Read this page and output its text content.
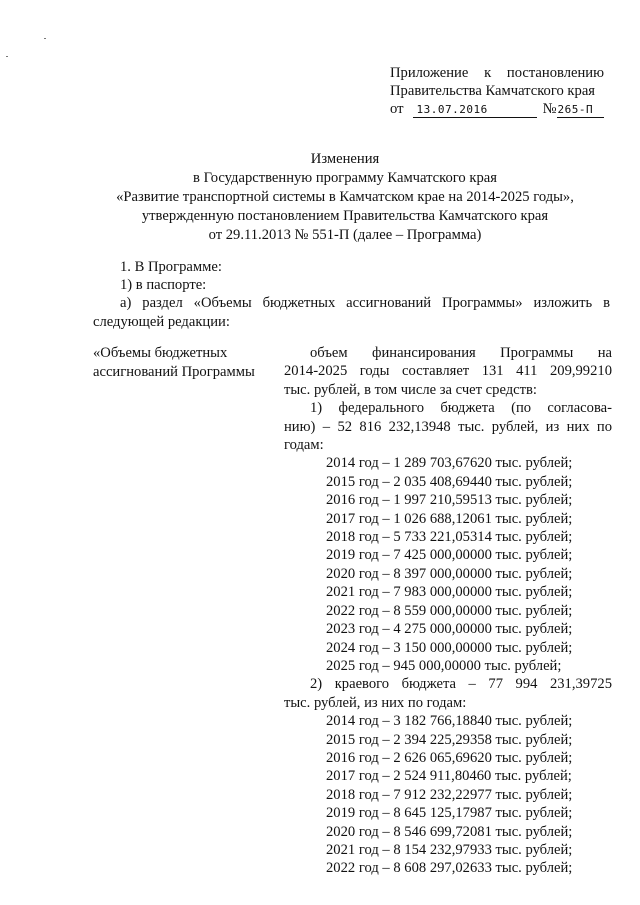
Приложение к постановлению
Правительства Камчатского края
от 13.07.2016	№ 265-П
Изменения
в Государственную программу Камчатского края
«Развитие транспортной системы в Камчатском крае на 2014-2025 годы»,
утвержденную постановлением Правительства Камчатского края
от 29.11.2013 № 551-П (далее – Программа)
1. В Программе:
1) в паспорте:
а) раздел «Объемы бюджетных ассигнований Программы» изложить в
следующей редакции:
«Объемы бюджетных
ассигнований Программы
объем финансирования Программы на
2014-2025 годы составляет 131 411 209,99210
тыс. рублей, в том числе за счет средств:
1) федерального бюджета (по согласова-
нию) – 52 816 232,13948 тыс. рублей, из них по
годам:
2014 год – 1 289 703,67620 тыс. рублей;
2015 год – 2 035 408,69440 тыс. рублей;
2016 год – 1 997 210,59513 тыс. рублей;
2017 год – 1 026 688,12061 тыс. рублей;
2018 год – 5 733 221,05314 тыс. рублей;
2019 год – 7 425 000,00000 тыс. рублей;
2020 год – 8 397 000,00000 тыс. рублей;
2021 год – 7 983 000,00000 тыс. рублей;
2022 год – 8 559 000,00000 тыс. рублей;
2023 год – 4 275 000,00000 тыс. рублей;
2024 год – 3 150 000,00000 тыс. рублей;
2025 год – 945 000,00000 тыс. рублей;
2) краевого бюджета – 77 994 231,39725
тыс. рублей, из них по годам:
2014 год – 3 182 766,18840 тыс. рублей;
2015 год – 2 394 225,29358 тыс. рублей;
2016 год – 2 626 065,69620 тыс. рублей;
2017 год – 2 524 911,80460 тыс. рублей;
2018 год – 7 912 232,22977 тыс. рублей;
2019 год – 8 645 125,17987 тыс. рублей;
2020 год – 8 546 699,72081 тыс. рублей;
2021 год – 8 154 232,97933 тыс. рублей;
2022 год – 8 608 297,02633 тыс. рублей;
